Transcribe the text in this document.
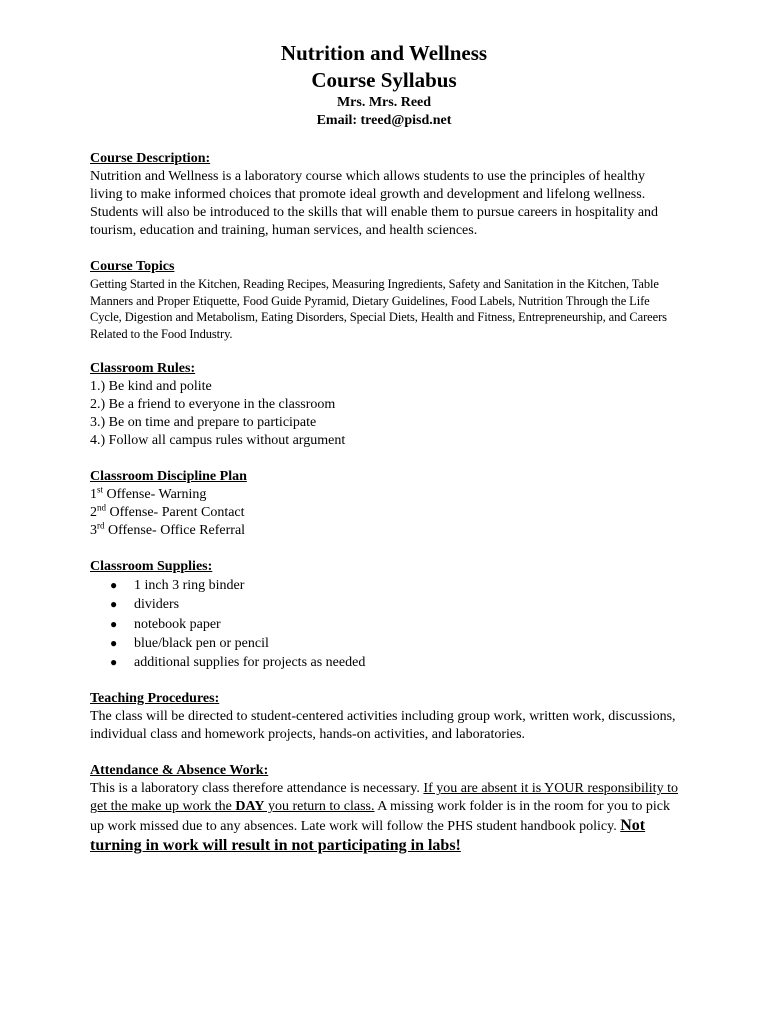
Nutrition and Wellness

Course Syllabus

Mrs. Mrs. Reed

Email: treed@pisd.net

Course Description:

Nutrition and Wellness is a laboratory course which allows students to use the principles of healthy living to make informed choices that promote ideal growth and development and lifelong wellness. Students will also be introduced to the skills that will enable them to pursue careers in hospitality and tourism, education and training, human services, and health sciences.

Course Topics

Getting Started in the Kitchen, Reading Recipes, Measuring Ingredients, Safety and Sanitation in the Kitchen, Table Manners and Proper Etiquette, Food Guide Pyramid, Dietary Guidelines, Food Labels, Nutrition Through the Life Cycle, Digestion and Metabolism, Eating Disorders, Special Diets, Health and Fitness, Entrepreneurship, and Careers Related to the Food Industry.

Classroom Rules:

1.) Be kind and polite

2.) Be a friend to everyone in the classroom

3.) Be on time and prepare to participate

4.) Follow all campus rules without argument

Classroom Discipline Plan

1st Offense- Warning

2nd Offense- Parent Contact

3rd Offense- Office Referral

Classroom Supplies:

● 1 inch 3 ring binder
● dividers
● notebook paper
● blue/black pen or pencil
● additional supplies for projects as needed

Teaching Procedures:

The class will be directed to student-centered activities including group work, written work, discussions, individual class and homework projects, hands-on activities, and laboratories.

Attendance & Absence Work:

This is a laboratory class therefore attendance is necessary. If you are absent it is YOUR responsibility to get the make up work the DAY you return to class. A missing work folder is in the room for you to pick up work missed due to any absences. Late work will follow the PHS student handbook policy. Not turning in work will result in not participating in labs!
